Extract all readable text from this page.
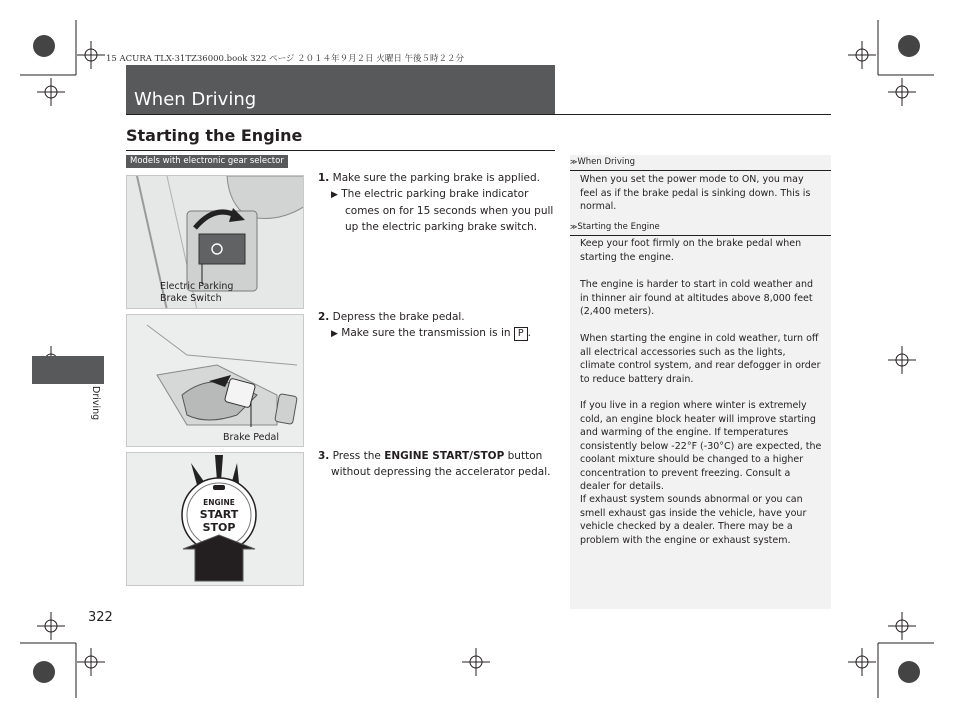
15 ACURA TLX-31TZ36000.book 322 ページ ２０１４年９月２日 火曜日 午後５時２２分
When Driving
Starting the Engine
Models with electronic gear selector
Electric Parking
Brake Switch
Brake Pedal
ENGINE
START
STOP
1. Make sure the parking brake is applied.
▶ The electric parking brake indicator
comes on for 15 seconds when you pull
up the electric parking brake switch.
2. Depress the brake pedal.
▶ Make sure the transmission is in P .
3. Press the ENGINE START/STOP button
without depressing the accelerator pedal.
≫When Driving
When you set the power mode to ON, you may feel as if the brake pedal is sinking down. This is normal.
≫Starting the Engine
Keep your foot firmly on the brake pedal when starting the engine.
The engine is harder to start in cold weather and in thinner air found at altitudes above 8,000 feet (2,400 meters).
When starting the engine in cold weather, turn off all electrical accessories such as the lights, climate control system, and rear defogger in order to reduce battery drain.
If you live in a region where winter is extremely cold, an engine block heater will improve starting and warming of the engine. If temperatures consistently below -22°F (-30°C) are expected, the coolant mixture should be changed to a higher concentration to prevent freezing. Consult a dealer for details.
If exhaust system sounds abnormal or you can smell exhaust gas inside the vehicle, have your vehicle checked by a dealer. There may be a problem with the engine or exhaust system.
Driving
322
